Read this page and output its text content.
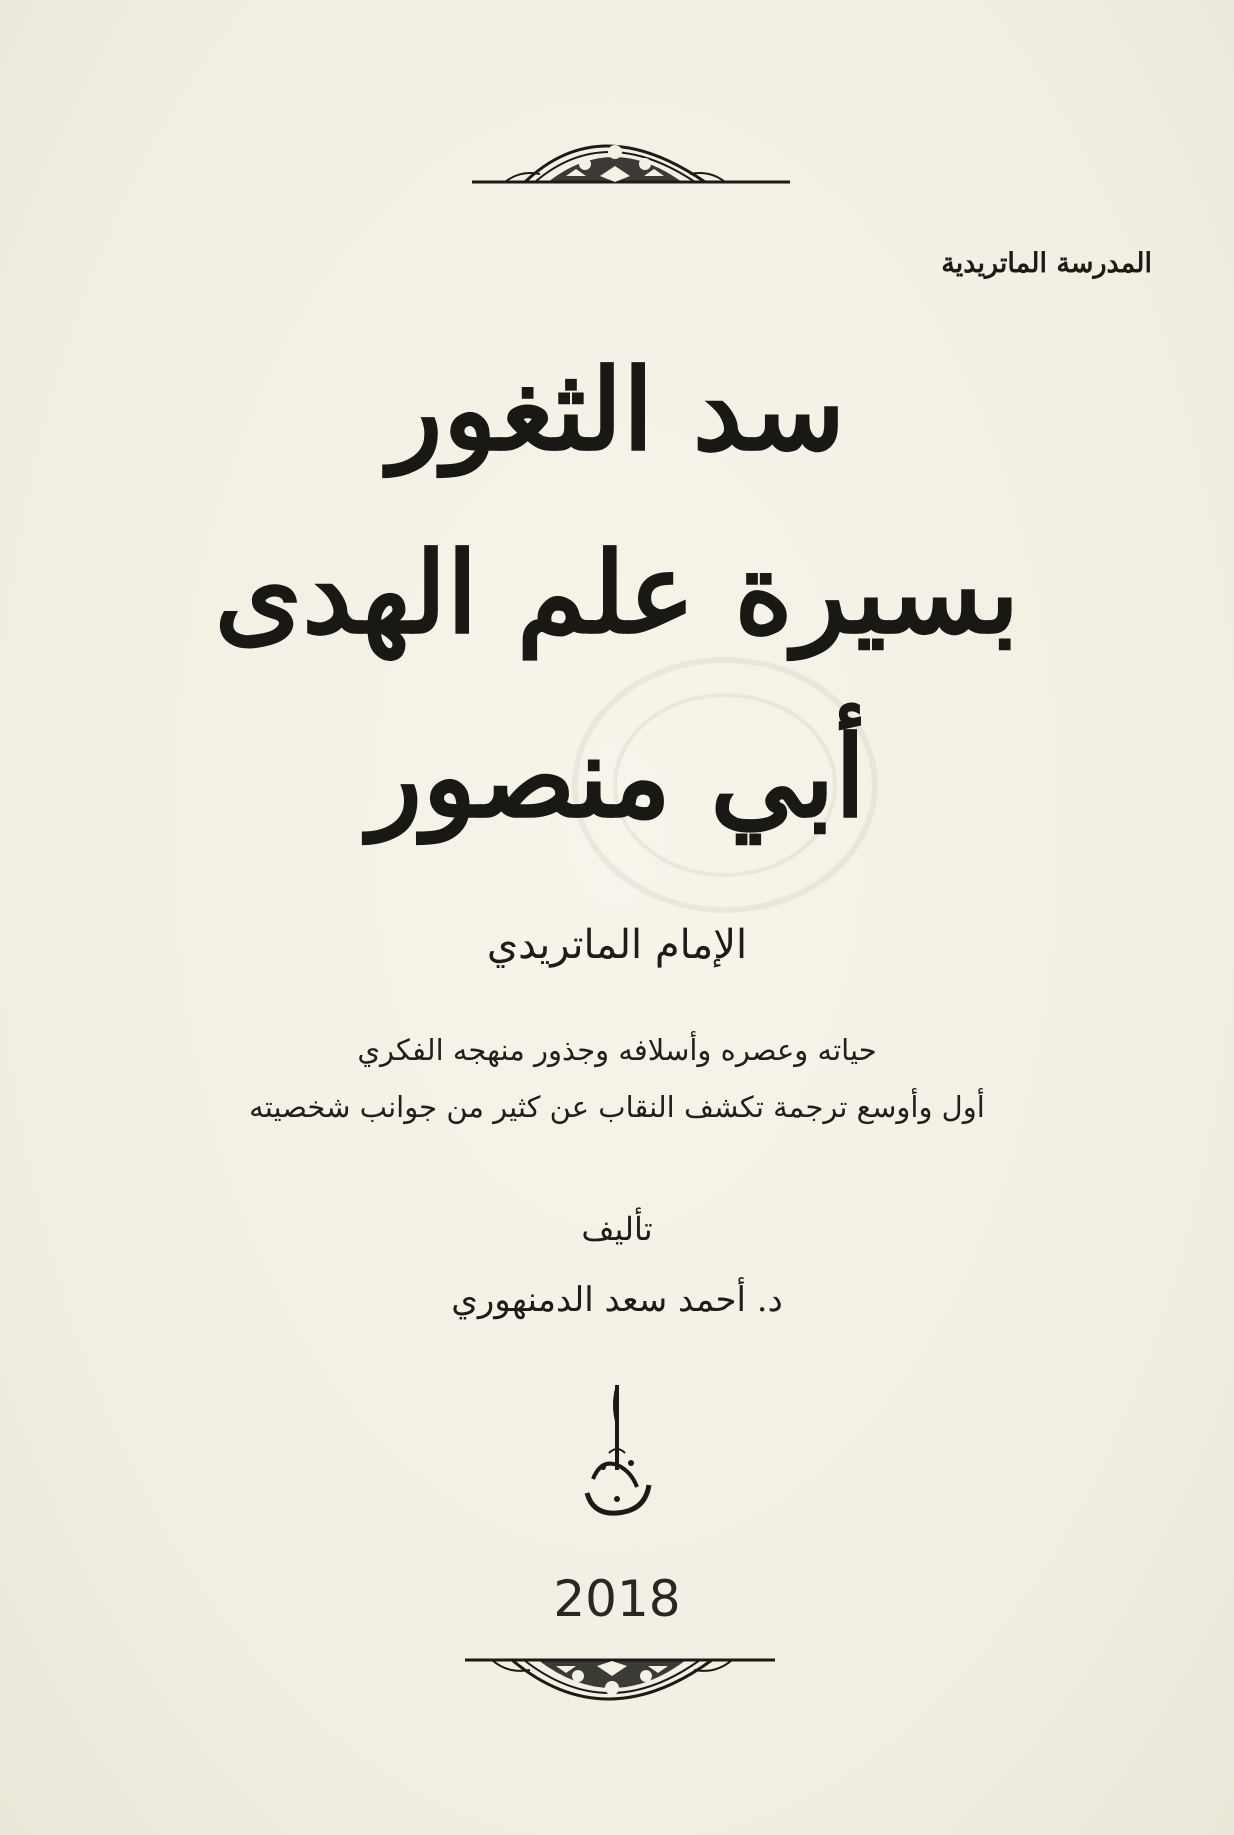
المدرسة الماتريدية
سد الثغور
بسيرة علم الهدى
أبي منصور
الإمام الماتريدي
حياته وعصره وأسلافه وجذور منهجه الفكري
أول وأوسع ترجمة تكشف النقاب عن كثير من جوانب شخصيته
تأليف
د. أحمد سعد الدمنهوري
2018
